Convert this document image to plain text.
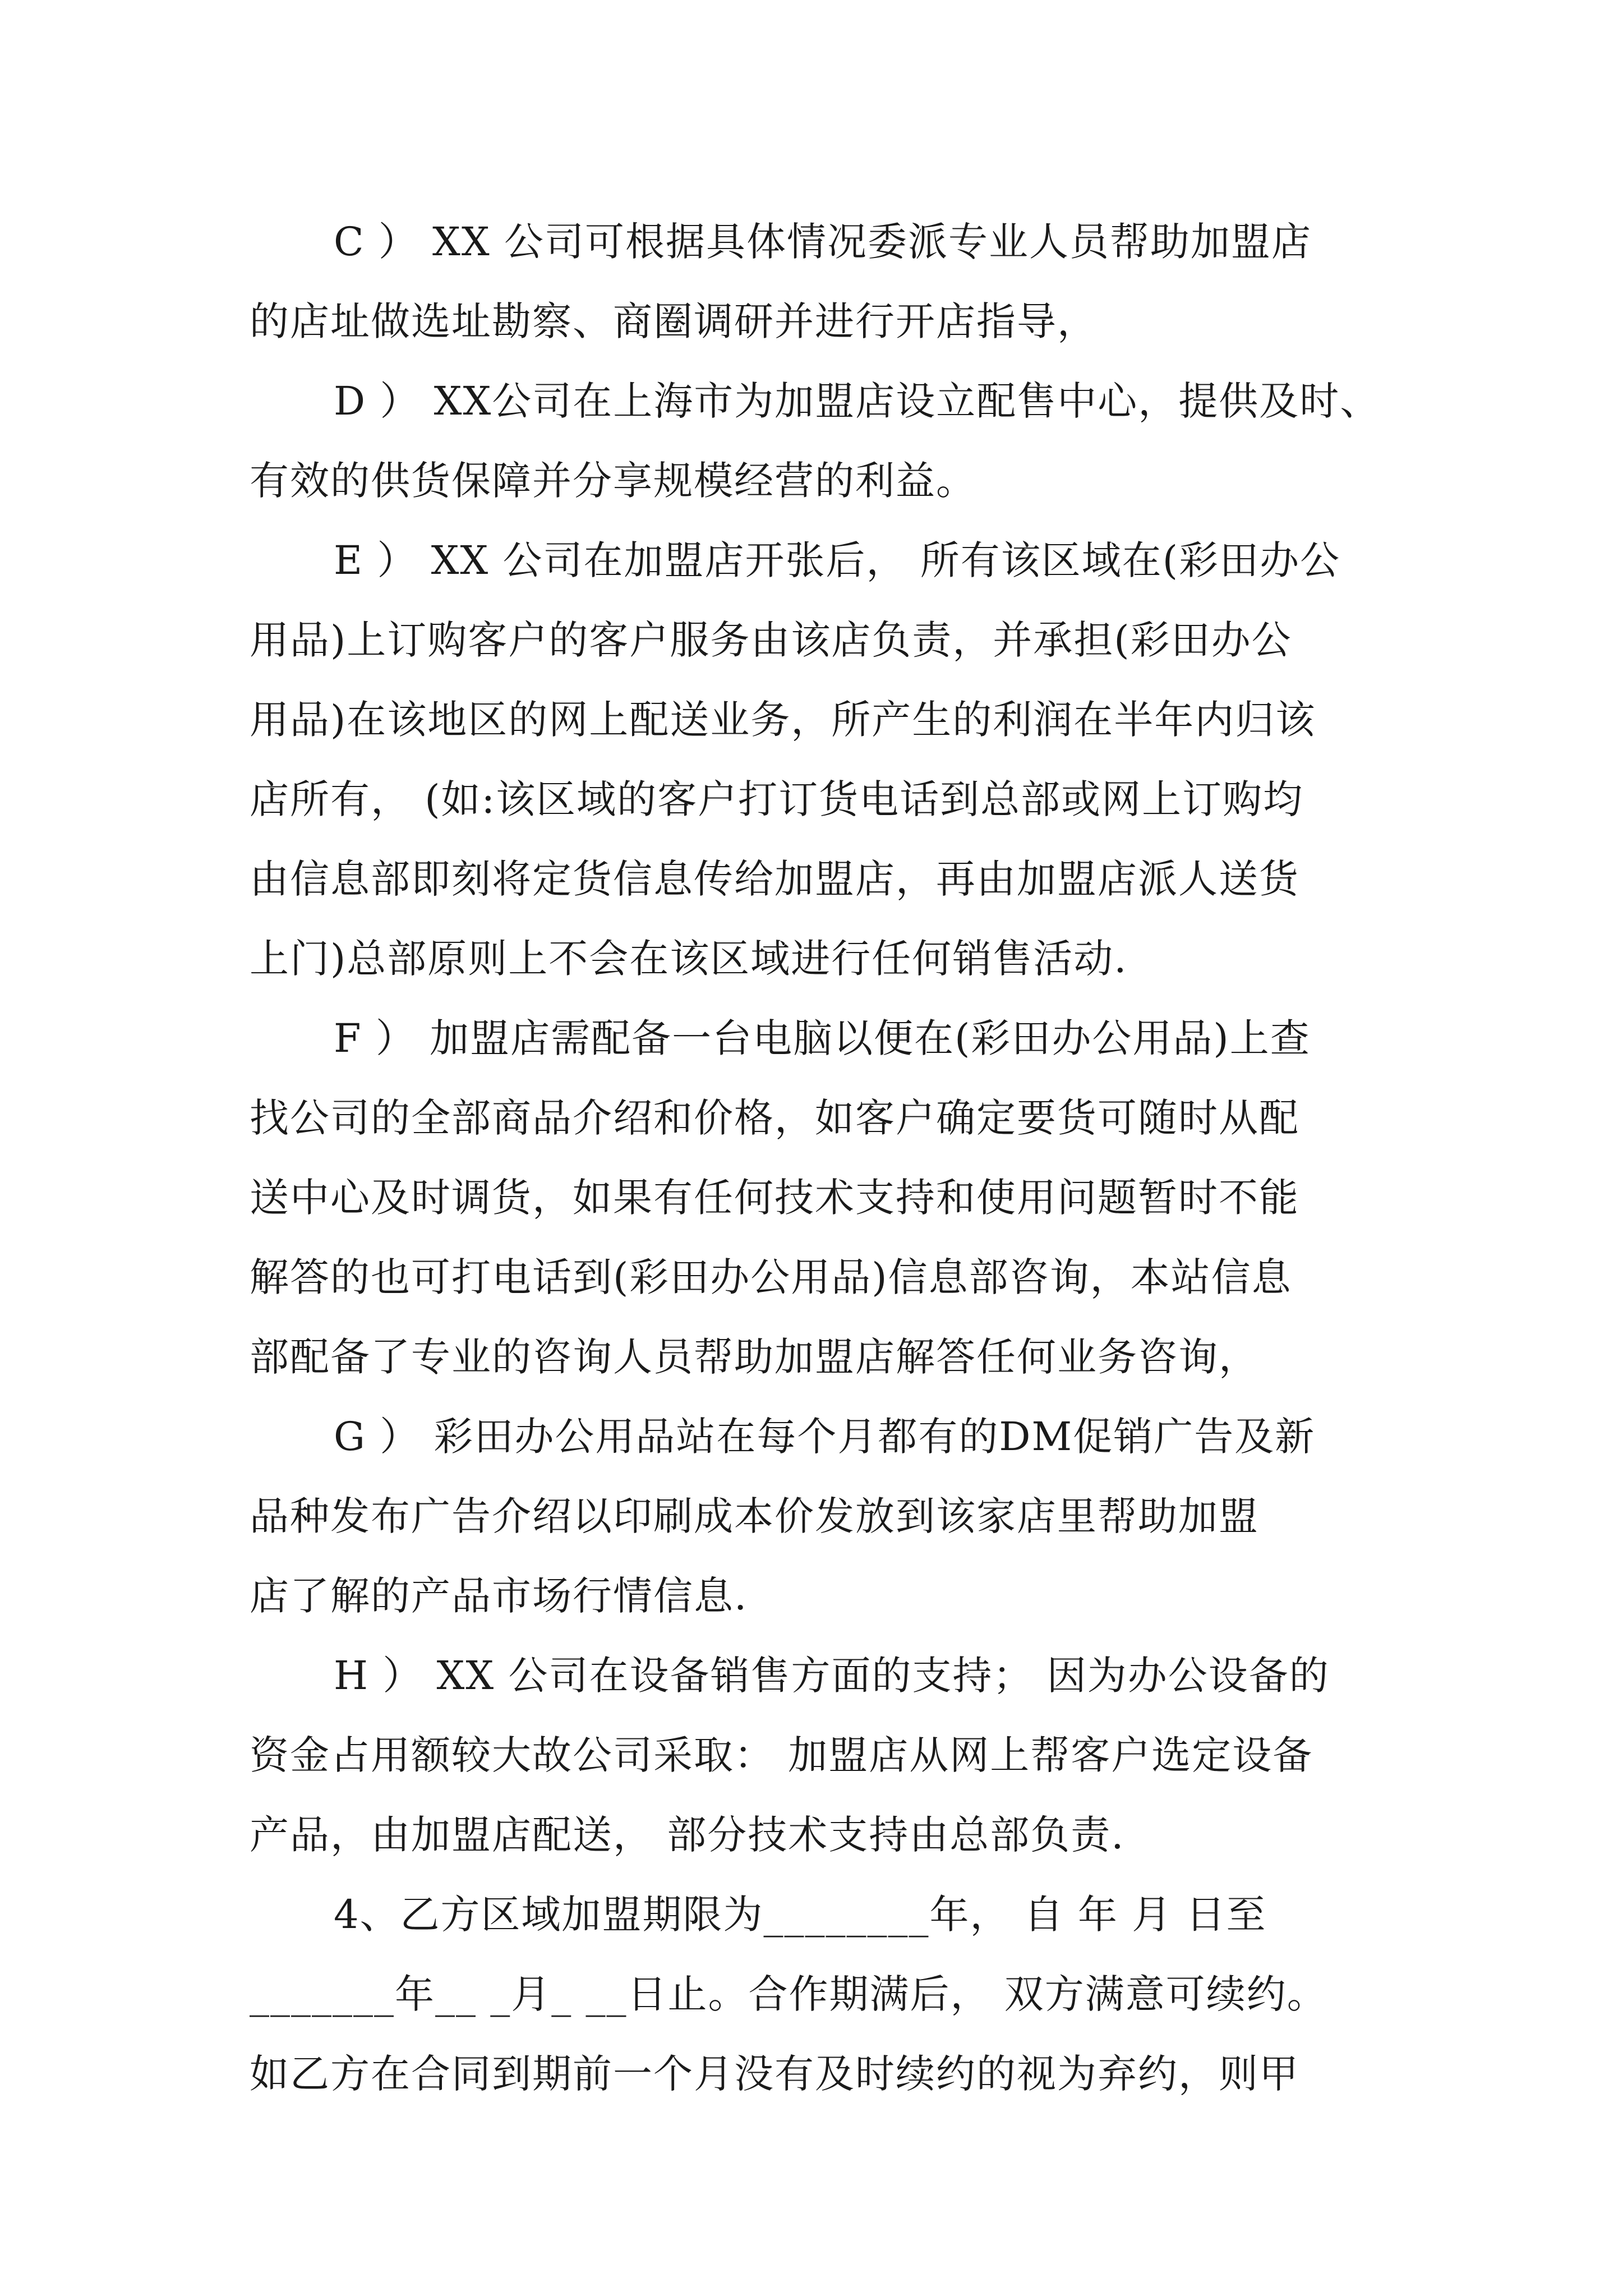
C ） XX 公司可根据具体情况委派专业人员帮助加盟店
的店址做选址勘察、商圈调研并进行开店指导，
D ） XX公司在上海市为加盟店设立配售中心，提供及时、
有效的供货保障并分享规模经营的利益。
E ） XX 公司在加盟店开张后， 所有该区域在(彩田办公
用品)上订购客户的客户服务由该店负责，并承担(彩田办公
用品)在该地区的网上配送业务，所产生的利润在半年内归该
店所有， (如:该区域的客户打订货电话到总部或网上订购均
由信息部即刻将定货信息传给加盟店，再由加盟店派人送货
上门)总部原则上不会在该区域进行任何销售活动.
F ） 加盟店需配备一台电脑以便在(彩田办公用品)上查
找公司的全部商品介绍和价格，如客户确定要货可随时从配
送中心及时调货，如果有任何技术支持和使用问题暂时不能
解答的也可打电话到(彩田办公用品)信息部咨询，本站信息
部配备了专业的咨询人员帮助加盟店解答任何业务咨询，
G ） 彩田办公用品站在每个月都有的DM促销广告及新
品种发布广告介绍以印刷成本价发放到该家店里帮助加盟
店了解的产品市场行情信息.
H ） XX 公司在设备销售方面的支持； 因为办公设备的
资金占用额较大故公司采取： 加盟店从网上帮客户选定设备
产品，由加盟店配送， 部分技术支持由总部负责.
4、乙方区域加盟期限为________年， 自 年 月 日至
_______年__ _月_ __日止。合作期满后， 双方满意可续约。
如乙方在合同到期前一个月没有及时续约的视为弃约，则甲
